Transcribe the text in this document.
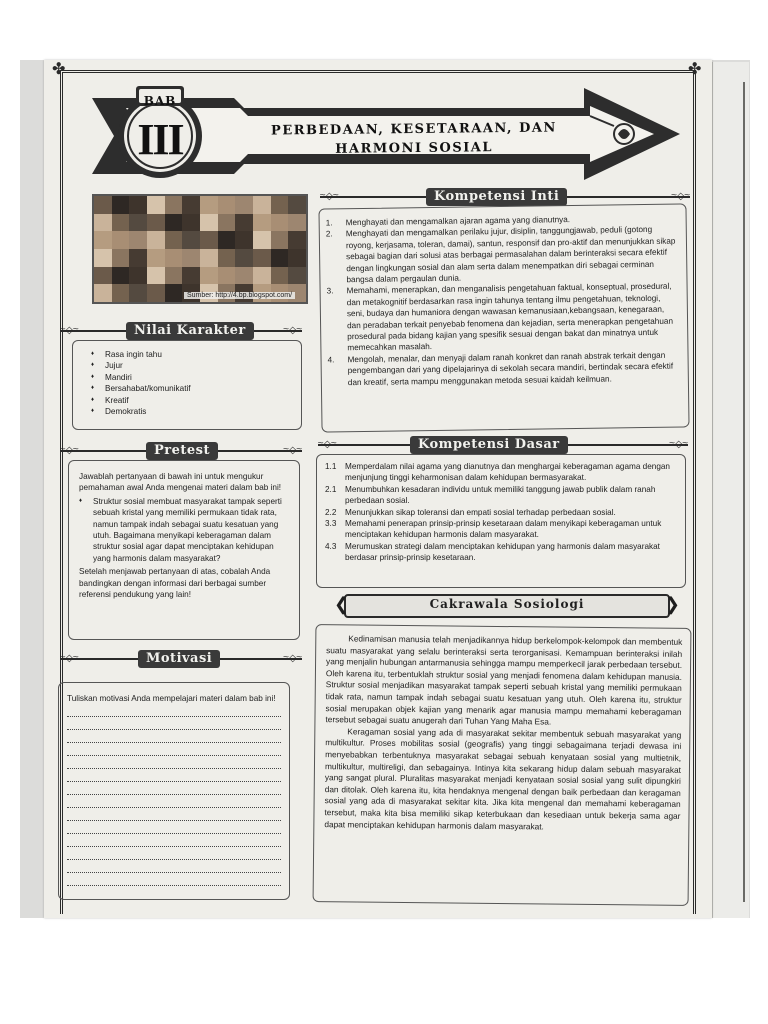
✤	✤
BAB
III	PERBEDAAN, KESETARAAN, DAN HARMONI SOSIAL
Sumber: http://4.bp.blogspot.com/
≈◇≈	≈◇≈
Kompetensi Inti
1.	Menghayati dan mengamalkan ajaran agama yang dianutnya.
2.	Menghayati dan mengamalkan perilaku jujur, disiplin, tanggungjawab, peduli (gotong royong, kerjasama, toleran, damai), santun, responsif dan pro-aktif dan menunjukkan sikap sebagai bagian dari solusi atas berbagai permasalahan dalam berinteraksi secara efektif dengan lingkungan sosial dan alam serta dalam menempatkan diri sebagai cerminan bangsa dalam pergaulan dunia.
3.	Memahami, menerapkan, dan menganalisis pengetahuan faktual, konseptual, prosedural, dan metakognitif berdasarkan rasa ingin tahunya tentang ilmu pengetahuan, teknologi, seni, budaya dan humaniora dengan wawasan kemanusiaan,kebangsaan, kenegaraan, dan peradaban terkait penyebab fenomena dan kejadian, serta menerapkan pengetahuan prosedural pada bidang kajian yang spesifik sesuai dengan bakat dan minatnya untuk memecahkan masalah.
4.	Mengolah, menalar, dan menyaji dalam ranah konkret dan ranah abstrak terkait dengan pengembangan dari yang dipelajarinya di sekolah secara mandiri, bertindak secara efektif dan kreatif, serta mampu menggunakan metoda sesuai kaidah keilmuan.
≈◇≈	≈◇≈
Nilai Karakter
♦ Rasa ingin tahu
♦ Jujur
♦ Mandiri
♦ Bersahabat/komunikatif
♦ Kreatif
♦ Demokratis
≈◇≈	≈◇≈
Pretest

Jawablah pertanyaan di bawah ini untuk mengukur pemahaman awal Anda mengenai materi dalam bab ini!

♦	Struktur sosial membuat masyarakat tampak seperti sebuah kristal yang memiliki permukaan tidak rata, namun tampak indah sebagai suatu kesatuan yang utuh. Bagaimana menyikapi keberagaman dalam struktur sosial agar dapat menciptakan kehidupan yang harmonis dalam masyarakat?

Setelah menjawab pertanyaan di atas, cobalah Anda bandingkan dengan informasi dari berbagai sumber referensi pendukung yang lain!

≈◇≈	≈◇≈
Motivasi
Tuliskan motivasi Anda mempelajari materi dalam bab ini!
≈◇≈	≈◇≈
Kompetensi Dasar
1.1	Memperdalam nilai agama yang dianutnya dan menghargai keberagaman agama dengan menjunjung tinggi keharmonisan dalam kehidupan bermasyarakat.
2.1	Menumbuhkan kesadaran individu untuk memiliki tanggung jawab publik dalam ranah perbedaan sosial.
2.2	Menunjukkan sikap toleransi dan empati sosial terhadap perbedaan sosial.
3.3	Memahami penerapan prinsip-prinsip kesetaraan dalam menyikapi keberagaman untuk menciptakan kehidupan harmonis dalam masyarakat.
4.3	Merumuskan strategi dalam menciptakan kehidupan yang harmonis dalam masyarakat berdasar prinsip-prinsip kesetaraan.
❮	❯
Cakrawala Sosiologi

Kedinamisan manusia telah menjadikannya hidup berkelompok-kelompok dan membentuk suatu masyarakat yang selalu berinteraksi serta terorganisasi. Kemampuan berinteraksi inilah yang menjalin hubungan antarmanusia sehingga mampu memperkecil jarak perbedaan tersebut. Oleh karena itu, terbentuklah struktur sosial yang menjadi fenomena dalam kehidupan manusia. Struktur sosial menjadikan masyarakat tampak seperti sebuah kristal yang memiliki permukaan tidak rata, namun tampak indah sebagai suatu kesatuan yang utuh. Oleh karena itu, struktur sosial merupakan objek kajian yang menarik agar manusia mampu memahami keberagaman tersebut sebagai suatu anugerah dari Tuhan Yang Maha Esa.

Keragaman sosial yang ada di masyarakat sekitar membentuk sebuah masyarakat yang multikultur. Proses mobilitas sosial (geografis) yang tinggi sebagaimana terjadi dewasa ini menyebabkan terbentuknya masyarakat sebagai sebuah kenyataan sosial yang multietnik, multikultur, multireligi, dan sebagainya. Intinya kita sekarang hidup dalam sebuah masyarakat yang sangat plural. Pluralitas masyarakat menjadi kenyataan sosial sosial yang sulit dipungkiri dan ditolak. Oleh karena itu, kita hendaknya mengenal dengan baik perbedaan dan keragaman sosial yang ada di masyarakat sekitar kita. Jika kita mengenal dan memahami keberagaman tersebut, maka kita bisa memiliki sikap keterbukaan dan kesediaan untuk bekerja sama agar dapat menciptakan kehidupan harmonis dalam masyarakat.
